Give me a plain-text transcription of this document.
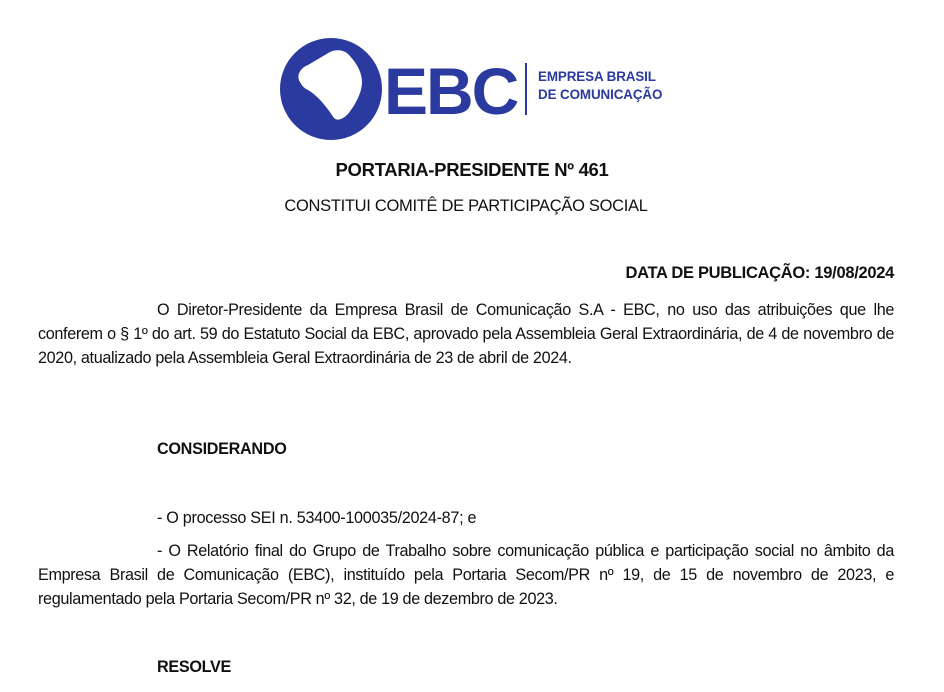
EBC EMPRESA BRASIL
DE COMUNICAÇÃO
PORTARIA-PRESIDENTE Nº 461
CONSTITUI COMITÊ DE PARTICIPAÇÃO SOCIAL
DATA DE PUBLICAÇÃO: 19/08/2024

O Diretor-Presidente da Empresa Brasil de Comunicação S.A - EBC, no uso das atribuições que lhe conferem o § 1º do art. 59 do Estatuto Social da EBC, aprovado pela Assembleia Geral Extraordinária, de 4 de novembro de 2020, atualizado pela Assembleia Geral Extraordinária de 23 de abril de 2024.

CONSIDERANDO
- O processo SEI n. 53400-100035/2024-87; e

- O Relatório final do Grupo de Trabalho sobre comunicação pública e participação social no âmbito da Empresa Brasil de Comunicação (EBC), instituído pela Portaria Secom/PR nº 19, de 15 de novembro de 2023, e regulamentado pela Portaria Secom/PR nº 32, de 19 de dezembro de 2023.

RESOLVE
